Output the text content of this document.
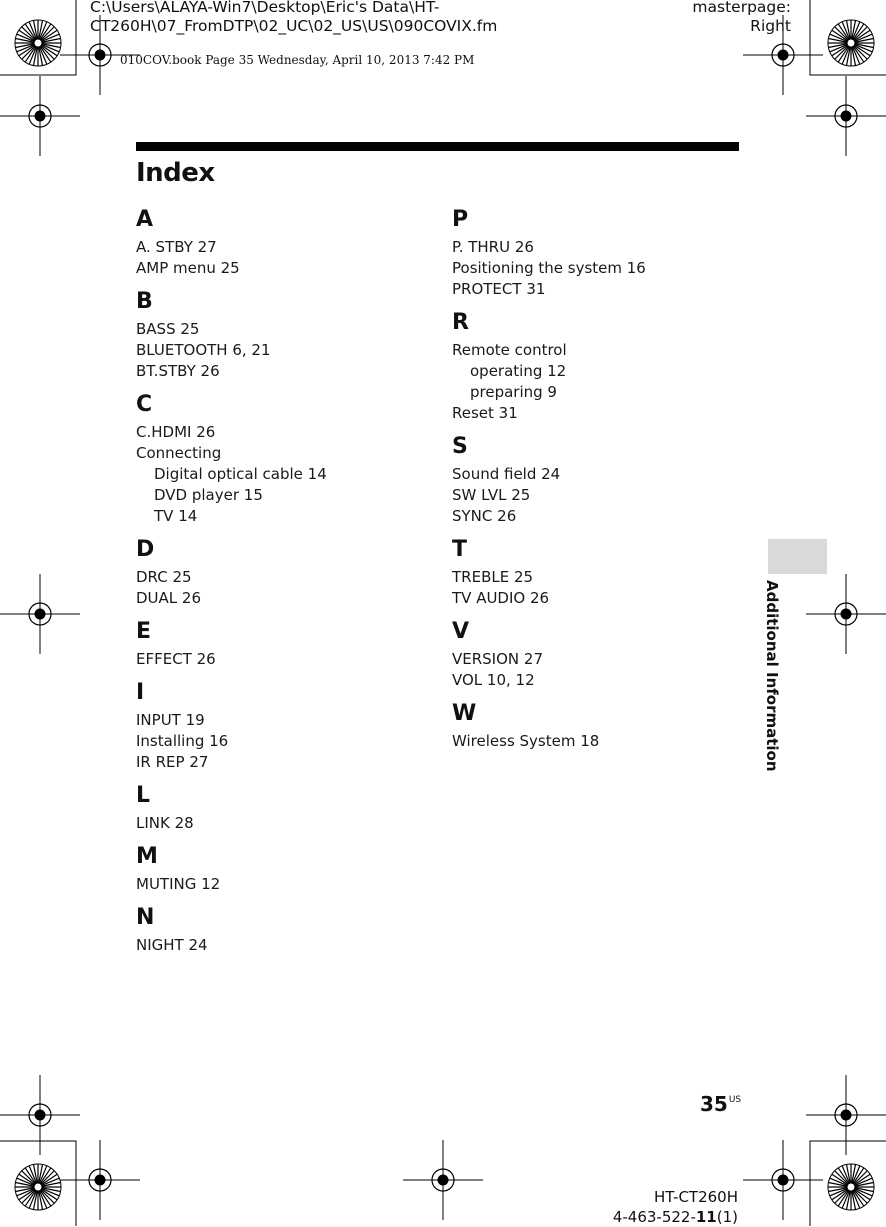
C:\Users\ALAYA-Win7\Desktop\Eric's Data\HT-
CT260H\07_FromDTP\02_UC\02_US\US\090COVIX.fm
masterpage:
Right
010COV.book Page 35 Wednesday, April 10, 2013 7:42 PM
Index
A
A. STBY 27
AMP menu 25
B
BASS 25
BLUETOOTH 6, 21
BT.STBY 26
C
C.HDMI 26
Connecting
Digital optical cable 14
DVD player 15
TV 14
D
DRC 25
DUAL 26
E
EFFECT 26
I
INPUT 19
Installing 16
IR REP 27
L
LINK 28
M
MUTING 12
N
NIGHT 24
P
P. THRU 26
Positioning the system 16
PROTECT 31
R
Remote control
operating 12
preparing 9
Reset 31
S
Sound field 24
SW LVL 25
SYNC 26
T
TREBLE 25
TV AUDIO 26
V
VERSION 27
VOL 10, 12
W
Wireless System 18	Additional Information
$35^{US}$
HT-CT260H
4-463-522-11(1)
